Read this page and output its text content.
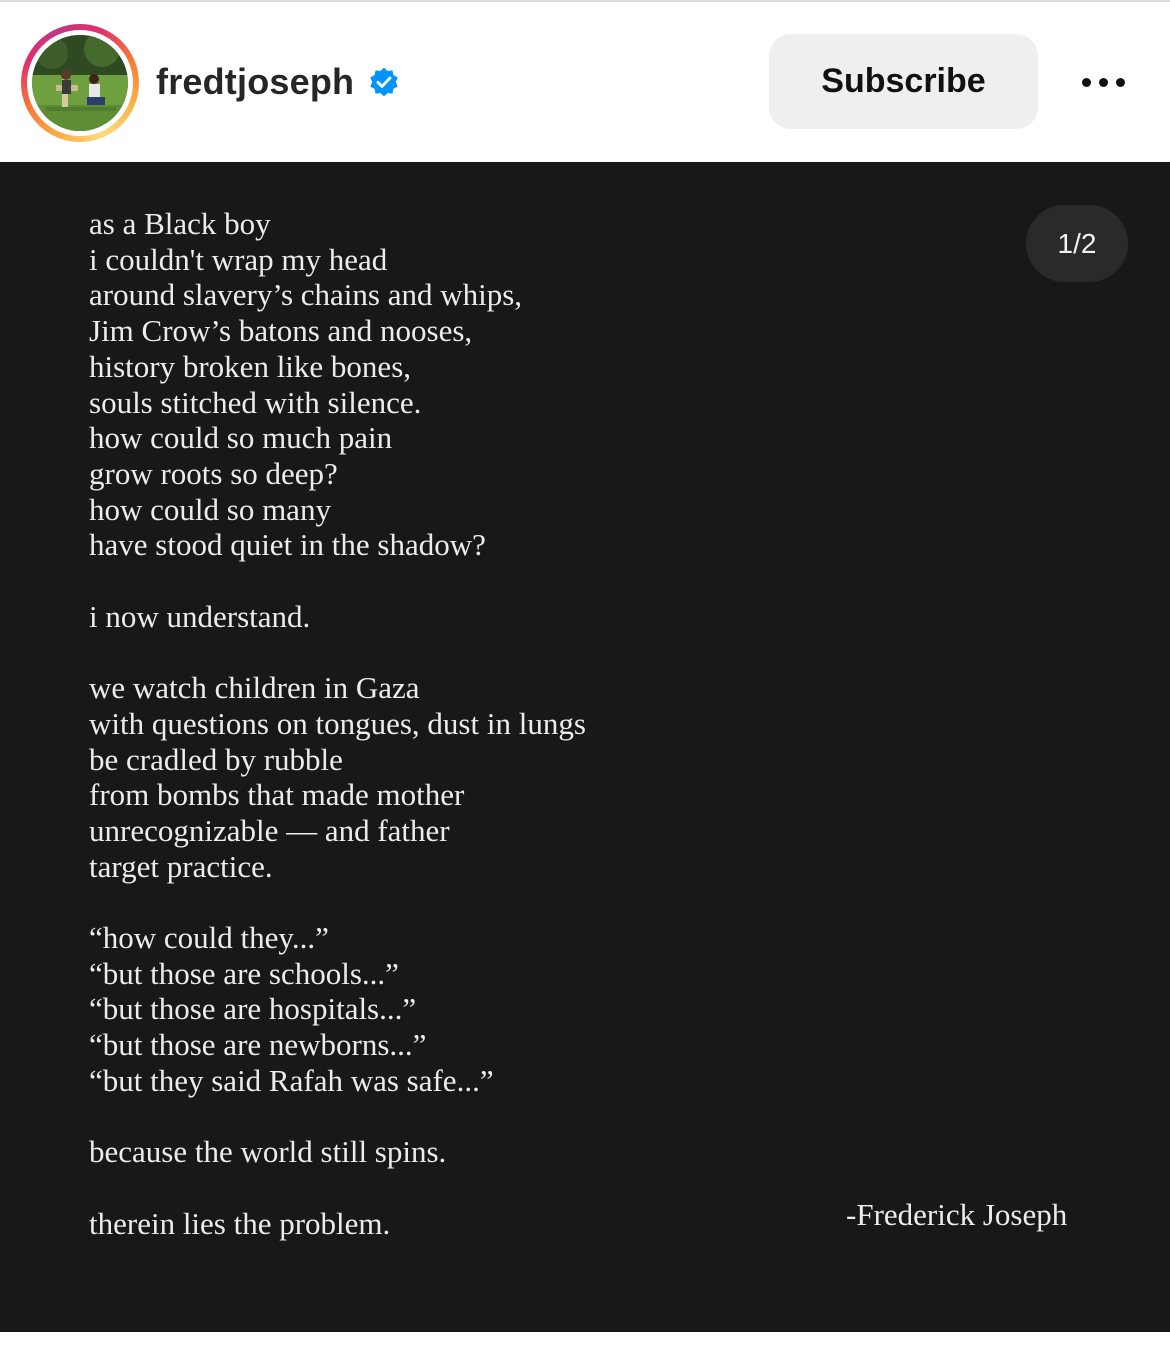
fredtjoseph	Subscribe
as a Black boy
i couldn't wrap my head
around slavery’s chains and whips,
Jim Crow’s batons and nooses,
history broken like bones,
souls stitched with silence.
how could so much pain
grow roots so deep?
how could so many
have stood quiet in the shadow?

i now understand.

we watch children in Gaza
with questions on tongues, dust in lungs
be cradled by rubble
from bombs that made mother
unrecognizable — and father
target practice.

“how could they...”
“but those are schools...”
“but those are hospitals...”
“but those are newborns...”
“but they said Rafah was safe...”

because the world still spins.

therein lies the problem.	-Frederick Joseph
1/2
